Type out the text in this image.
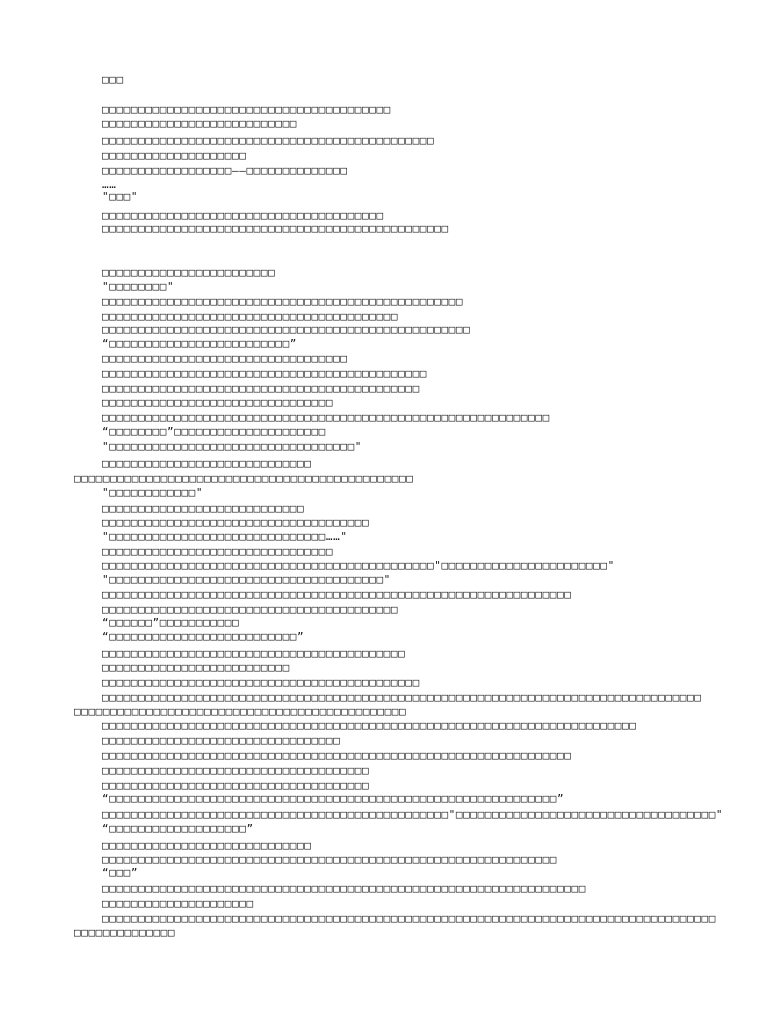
□□□
□□□□□□□□□□□□□□□□□□□□□□□□□□□□□□□□□□□□□□□□
□□□□□□□□□□□□□□□□□□□□□□□□□□□
□□□□□□□□□□□□□□□□□□□□□□□□□□□□□□□□□□□□□□□□□□□□□□
□□□□□□□□□□□□□□□□□□□□
□□□□□□□□□□□□□□□□□□——□□□□□□□□□□□□□□
……
"□□□"
□□□□□□□□□□□□□□□□□□□□□□□□□□□□□□□□□□□□□□□
□□□□□□□□□□□□□□□□□□□□□□□□□□□□□□□□□□□□□□□□□□□□□□□□
□□□□□□□□□□□□□□□□□□□□□□□□
"□□□□□□□□"
□□□□□□□□□□□□□□□□□□□□□□□□□□□□□□□□□□□□□□□□□□□□□□□□□□
□□□□□□□□□□□□□□□□□□□□□□□□□□□□□□□□□□□□□□□□□
□□□□□□□□□□□□□□□□□□□□□□□□□□□□□□□□□□□□□□□□□□□□□□□□□□□
“□□□□□□□□□□□□□□□□□□□□□□□□□”
□□□□□□□□□□□□□□□□□□□□□□□□□□□□□□□□□□
□□□□□□□□□□□□□□□□□□□□□□□□□□□□□□□□□□□□□□□□□□□□□
□□□□□□□□□□□□□□□□□□□□□□□□□□□□□□□□□□□□□□□□□□□□
□□□□□□□□□□□□□□□□□□□□□□□□□□□□□□□□
□□□□□□□□□□□□□□□□□□□□□□□□□□□□□□□□□□□□□□□□□□□□□□□□□□□□□□□□□□□□□□
“□□□□□□□□”□□□□□□□□□□□□□□□□□□□□□
"□□□□□□□□□□□□□□□□□□□□□□□□□□□□□□□□□□"
□□□□□□□□□□□□□□□□□□□□□□□□□□□□□
□□□□□□□□□□□□□□□□□□□□□□□□□□□□□□□□□□□□□□□□□□□□□□□
"□□□□□□□□□□□□"
□□□□□□□□□□□□□□□□□□□□□□□□□□□□
□□□□□□□□□□□□□□□□□□□□□□□□□□□□□□□□□□□□□
"□□□□□□□□□□□□□□□□□□□□□□□□□□□□□□……"
□□□□□□□□□□□□□□□□□□□□□□□□□□□□□□□□
□□□□□□□□□□□□□□□□□□□□□□□□□□□□□□□□□□□□□□□□□□□□□□"□□□□□□□□□□□□□□□□□□□□□□□"
"□□□□□□□□□□□□□□□□□□□□□□□□□□□□□□□□□□□□□□"
□□□□□□□□□□□□□□□□□□□□□□□□□□□□□□□□□□□□□□□□□□□□□□□□□□□□□□□□□□□□□□□□□
□□□□□□□□□□□□□□□□□□□□□□□□□□□□□□□□□□□□□□□□□
“□□□□□□”□□□□□□□□□□□
“□□□□□□□□□□□□□□□□□□□□□□□□□□”
□□□□□□□□□□□□□□□□□□□□□□□□□□□□□□□□□□□□□□□□□□
□□□□□□□□□□□□□□□□□□□□□□□□□□
□□□□□□□□□□□□□□□□□□□□□□□□□□□□□□□□□□□□□□□□□□□□
□□□□□□□□□□□□□□□□□□□□□□□□□□□□□□□□□□□□□□□□□□□□□□□□□□□□□□□□□□□□□□□□□□□□□□□□□□□□□□□□□□□
□□□□□□□□□□□□□□□□□□□□□□□□□□□□□□□□□□□□□□□□□□□□□□
□□□□□□□□□□□□□□□□□□□□□□□□□□□□□□□□□□□□□□□□□□□□□□□□□□□□□□□□□□□□□□□□□□□□□□□□□□
□□□□□□□□□□□□□□□□□□□□□□□□□□□□□□□□□
□□□□□□□□□□□□□□□□□□□□□□□□□□□□□□□□□□□□□□□□□□□□□□□□□□□□□□□□□□□□□□□□□
□□□□□□□□□□□□□□□□□□□□□□□□□□□□□□□□□□□□□
□□□□□□□□□□□□□□□□□□□□□□□□□□□□□□□□□□□□□
“□□□□□□□□□□□□□□□□□□□□□□□□□□□□□□□□□□□□□□□□□□□□□□□□□□□□□□□□□□□□□□”
□□□□□□□□□□□□□□□□□□□□□□□□□□□□□□□□□□□□□□□□□□□□□□□□"□□□□□□□□□□□□□□□□□□□□□□□□□□□□□□□□□□□□"
“□□□□□□□□□□□□□□□□□□□”
□□□□□□□□□□□□□□□□□□□□□□□□□□□□□
□□□□□□□□□□□□□□□□□□□□□□□□□□□□□□□□□□□□□□□□□□□□□□□□□□□□□□□□□□□□□□□
“□□□”
□□□□□□□□□□□□□□□□□□□□□□□□□□□□□□□□□□□□□□□□□□□□□□□□□□□□□□□□□□□□□□□□□□□
□□□□□□□□□□□□□□□□□□□□□
□□□□□□□□□□□□□□□□□□□□□□□□□□□□□□□□□□□□□□□□□□□□□□□□□□□□□□□□□□□□□□□□□□□□□□□□□□□□□□□□□□□□□
□□□□□□□□□□□□□□
